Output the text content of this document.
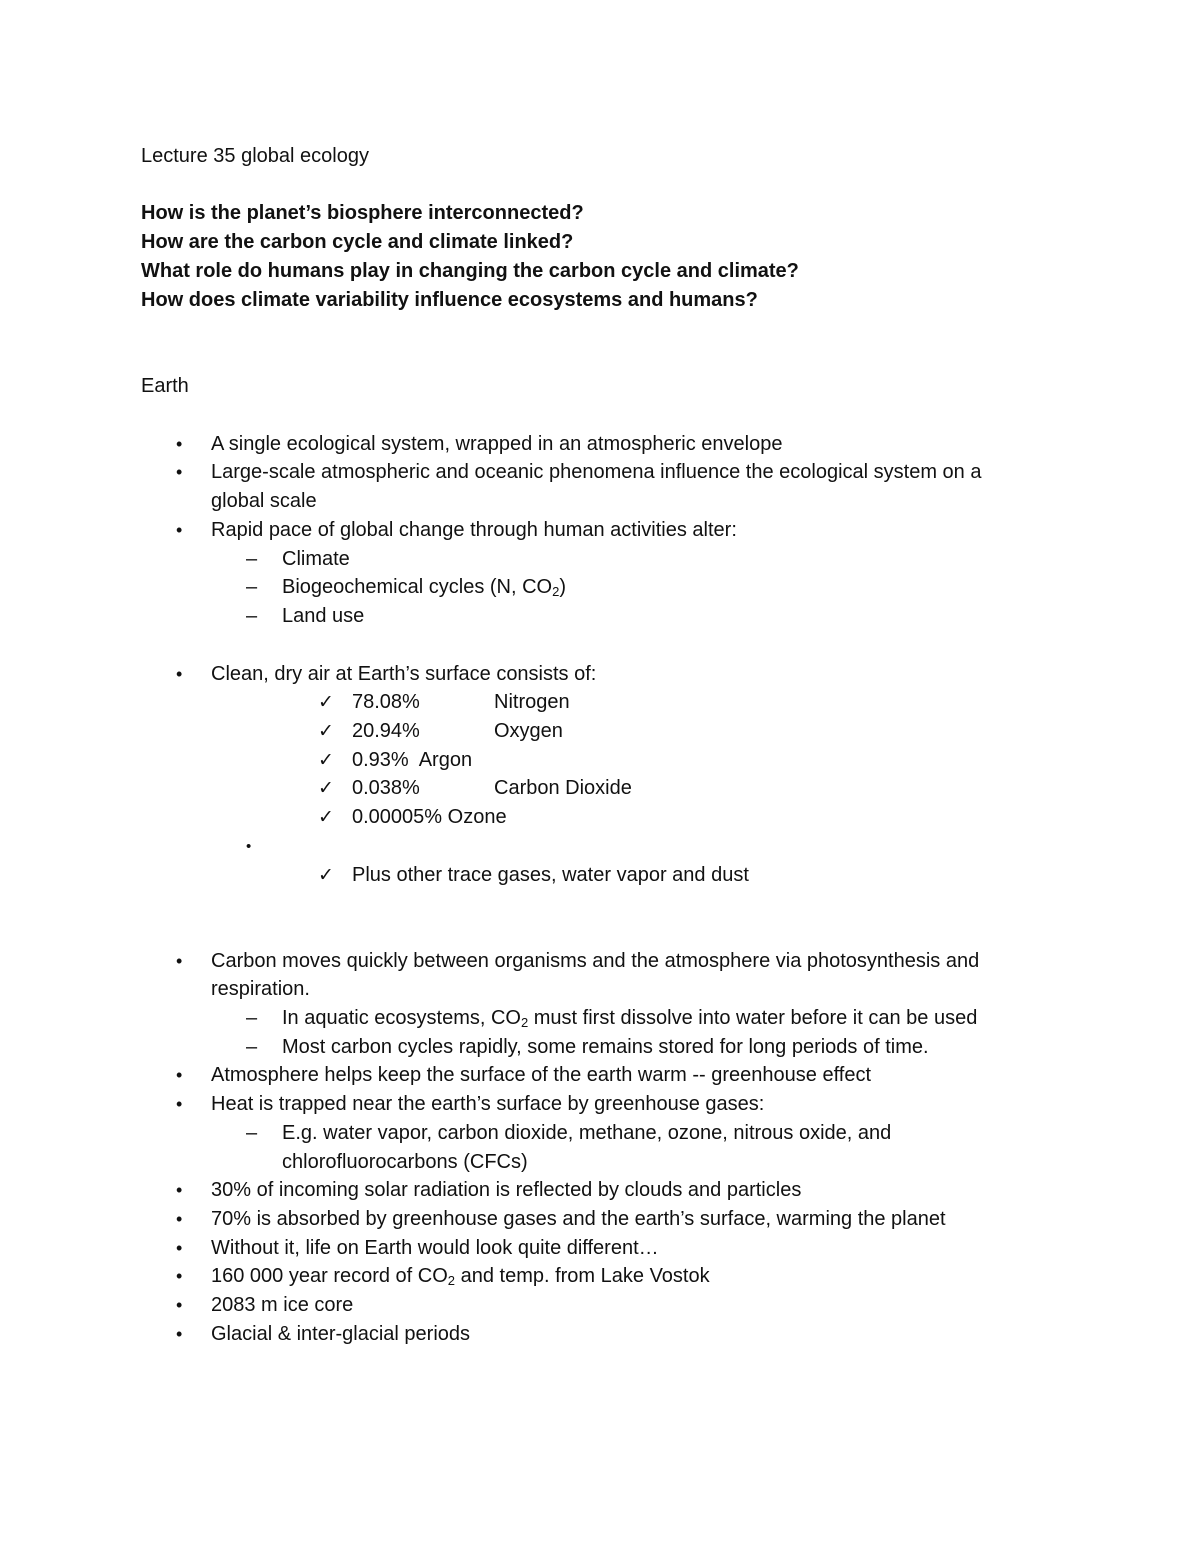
Lecture 35 global ecology
How is the planet’s biosphere interconnected?
How are the carbon cycle and climate linked?
What role do humans play in changing the carbon cycle and climate?
How does climate variability influence ecosystems and humans?
Earth
• A single ecological system, wrapped in an atmospheric envelope
• Large-scale atmospheric and oceanic phenomena influence the ecological system on a
global scale
• Rapid pace of global change through human activities alter:
– Climate
– Biogeochemical cycles (N, $CO_2$)
– Land use
• Clean, dry air at Earth’s surface consists of:
✓ 78.08%	Nitrogen
✓ 20.94%	Oxygen
✓ 0.93%  Argon
✓ 0.038%	Carbon Dioxide
✓ 0.00005% Ozone
•
✓ Plus other trace gases, water vapor and dust
• Carbon moves quickly between organisms and the atmosphere via photosynthesis and
respiration.
– In aquatic ecosystems, $CO_2$ must first dissolve into water before it can be used
– Most carbon cycles rapidly, some remains stored for long periods of time.
• Atmosphere helps keep the surface of the earth warm -- greenhouse effect
• Heat is trapped near the earth’s surface by greenhouse gases:
– E.g. water vapor, carbon dioxide, methane, ozone, nitrous oxide, and
chlorofluorocarbons (CFCs)
• 30% of incoming solar radiation is reflected by clouds and particles
• 70% is absorbed by greenhouse gases and the earth’s surface, warming the planet
• Without it, life on Earth would look quite different…
• 160 000 year record of $CO_2$ and temp. from Lake Vostok
• 2083 m ice core
• Glacial & inter-glacial periods
